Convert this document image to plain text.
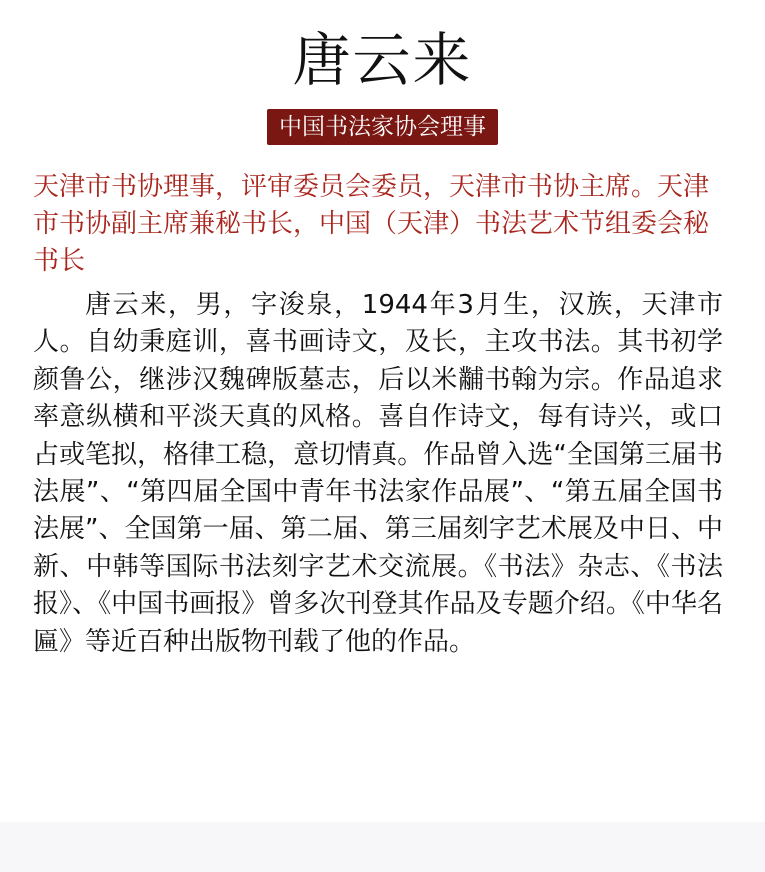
唐云来
中国书法家协会理事

天津市书协理事，评审委员会委员，天津市书协主席。天津市书协副主席兼秘书长，中国（天津）书法艺术节组委会秘书长

唐云来，男，字浚泉，1944年3月生，汉族，天津市人。自幼秉庭训，喜书画诗文，及长，主攻书法。其书初学颜鲁公，继涉汉魏碑版墓志，后以米黼书翰为宗。作品追求率意纵横和平淡天真的风格。喜自作诗文，每有诗兴，或口占或笔拟，格律工稳，意切情真。作品曾入选“全国第三届书法展”、“第四届全国中青年书法家作品展”、“第五届全国书法展”、全国第一届、第二届、第三届刻字艺术展及中日、中新、中韩等国际书法刻字艺术交流展。《书法》杂志、《书法报》、《中国书画报》曾多次刊登其作品及专题介绍。《中华名匾》等近百种出版物刊载了他的作品。
